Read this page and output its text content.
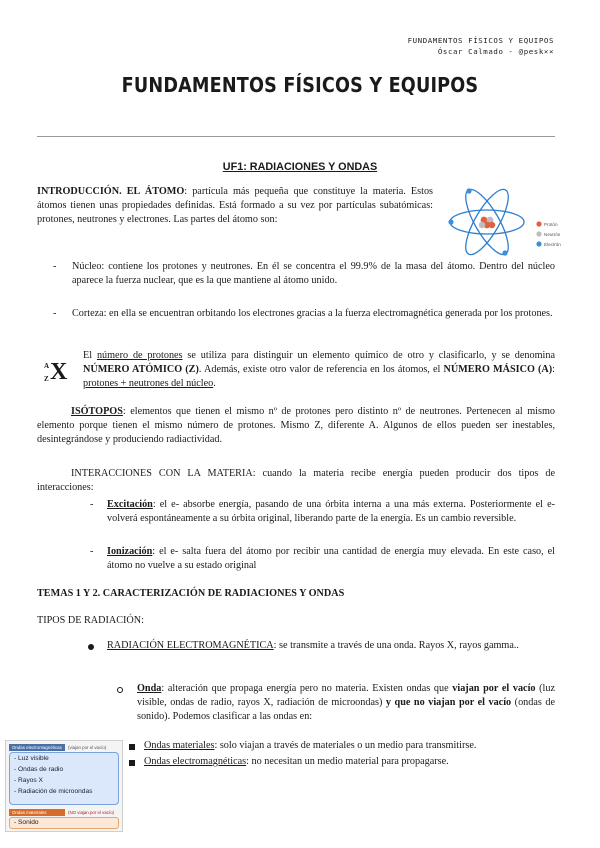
FUNDAMENTOS FÍSICOS Y EQUIPOS
Óscar Calmado - @pesk××
FUNDAMENTOS FÍSICOS Y EQUIPOS
UF1: RADIACIONES Y ONDAS
INTRODUCCIÓN. EL ÁTOMO: partícula más pequeña que constituye la materia. Estos átomos tienen unas propiedades definidas. Está formado a su vez por partículas subatómicas: protones, neutrones y electrones. Las partes del átomo son:	Protón
Neutrón
Electrón
- Núcleo: contiene los protones y neutrones. En él se concentra el 99.9% de la masa del átomo. Dentro del núcleo aparece la fuerza nuclear, que es la que mantiene al átomo unido.
- Corteza: en ella se encuentran orbitando los electrones gracias a la fuerza electromagnética generada por los protones.
A
Z X
El número de protones se utiliza para distinguir un elemento químico de otro y clasificarlo, y se denomina NÚMERO ATÓMICO (Z). Además, existe otro valor de referencia en los átomos, el NÚMERO MÁSICO (A): protones + neutrones del núcleo.
ISÓTOPOS: elementos que tienen el mismo nº de protones pero distinto nº de neutrones. Pertenecen al mismo elemento porque tienen el mismo número de protones. Mismo Z, diferente A. Algunos de ellos pueden ser inestables, desintegrándose y produciendo radiactividad.
INTERACCIONES CON LA MATERIA: cuando la materia recibe energía pueden producir dos tipos de interacciones:
- Excitación: el e- absorbe energía, pasando de una órbita interna a una más externa. Posteriormente el e- volverá espontáneamente a su órbita original, liberando parte de la energía. Es un cambio reversible.
- Ionización: el e- salta fuera del átomo por recibir una cantidad de energía muy elevada. En este caso, el átomo no vuelve a su estado original
TEMAS 1 Y 2. CARACTERIZACIÓN DE RADIACIONES Y ONDAS
TIPOS DE RADIACIÓN:
RADIACIÓN ELECTROMAGNÉTICA: se transmite a través de una onda. Rayos X, rayos gamma..
Onda: alteración que propaga energía pero no materia. Existen ondas que viajan por el vacío (luz visible, ondas de radio, rayos X, radiación de microondas) y que no viajan por el vacío (ondas de sonido). Podemos clasificar a las ondas en:
Ondas materiales: solo viajan a través de materiales o un medio para transmitirse.
Ondas electromagnéticas: no necesitan un medio material para propagarse.
Ondas electromagnéticas	(viajan por el vacío)
- Luz visible
- Ondas de radio
- Rayos X
- Radiación de microondas
Ondas materiales	(NO viajan por el vacío)
- Sonido
